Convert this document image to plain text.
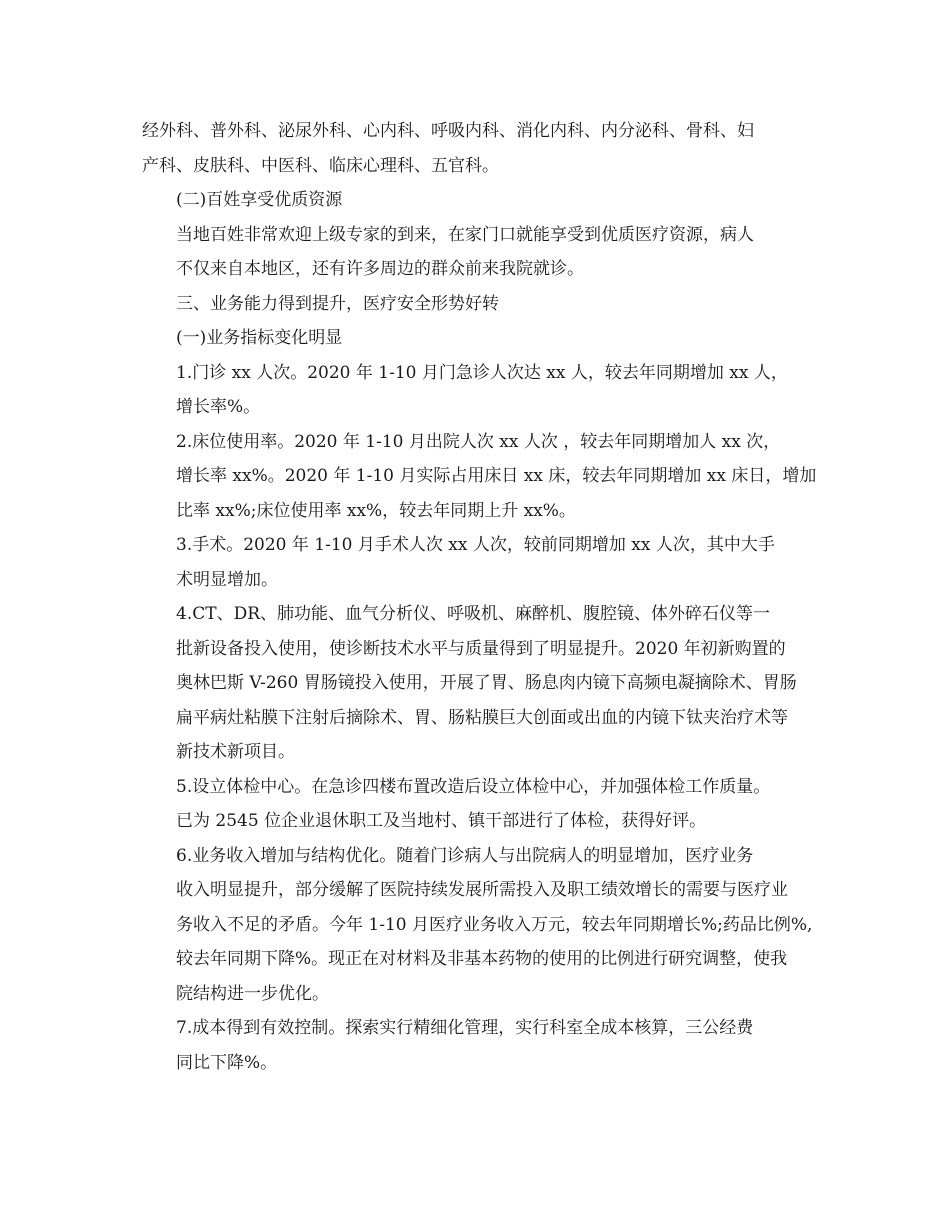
经外科、普外科、泌尿外科、心内科、呼吸内科、消化内科、内分泌科、骨科、妇
产科、皮肤科、中医科、临床心理科、五官科。

(二)百姓享受优质资源

当地百姓非常欢迎上级专家的到来，在家门口就能享受到优质医疗资源，病人
不仅来自本地区，还有许多周边的群众前来我院就诊。

三、业务能力得到提升，医疗安全形势好转

(一)业务指标变化明显

1.门诊 xx 人次。2020 年 1-10 月门急诊人次达 xx 人，较去年同期增加 xx 人，
增长率%。

2.床位使用率。2020 年 1-10 月出院人次 xx 人次 ，较去年同期增加人 xx 次，
增长率 xx%。2020 年 1-10 月实际占用床日 xx 床，较去年同期增加 xx 床日，增加
比率 xx%;床位使用率 xx%，较去年同期上升 xx%。

3.手术。2020 年 1-10 月手术人次 xx 人次，较前同期增加 xx 人次，其中大手
术明显增加。

4.CT、DR、肺功能、血气分析仪、呼吸机、麻醉机、腹腔镜、体外碎石仪等一
批新设备投入使用，使诊断技术水平与质量得到了明显提升。2020 年初新购置的
奥林巴斯 V-260 胃肠镜投入使用，开展了胃、肠息肉内镜下高频电凝摘除术、胃肠
扁平病灶粘膜下注射后摘除术、胃、肠粘膜巨大创面或出血的内镜下钛夹治疗术等
新技术新项目。

5.设立体检中心。在急诊四楼布置改造后设立体检中心，并加强体检工作质量。
已为 2545 位企业退休职工及当地村、镇干部进行了体检，获得好评。

6.业务收入增加与结构优化。随着门诊病人与出院病人的明显增加，医疗业务
收入明显提升，部分缓解了医院持续发展所需投入及职工绩效增长的需要与医疗业
务收入不足的矛盾。今年 1-10 月医疗业务收入万元，较去年同期增长%;药品比例%,
较去年同期下降%。现正在对材料及非基本药物的使用的比例进行研究调整，使我
院结构进一步优化。

7.成本得到有效控制。探索实行精细化管理，实行科室全成本核算，三公经费
同比下降%。
